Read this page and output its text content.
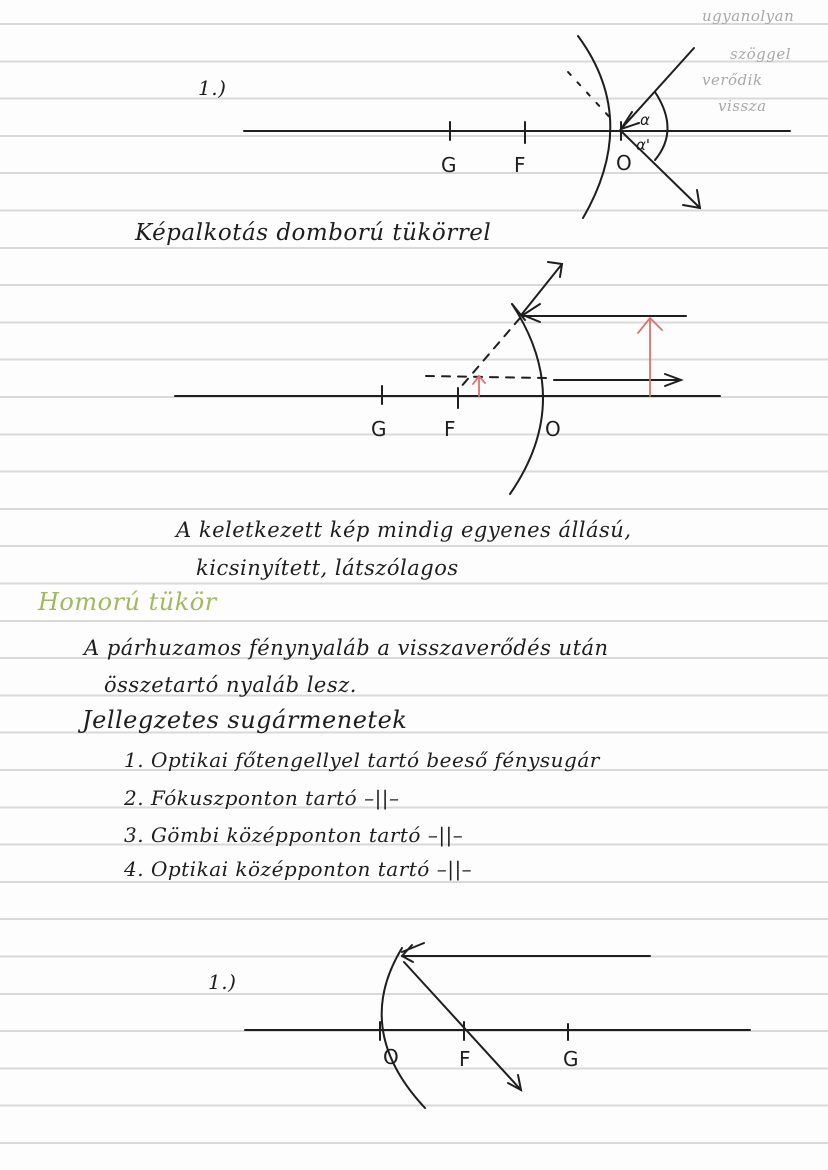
ugyanolyan
szöggel
verődik
vissza
G	F	O
α
α'
1.)
Képalkotás domború tükörrel
G	F	O
A keletkezett kép mindig egyenes állású,
kicsinyített, látszólagos
Homorú tükör
A párhuzamos fénynyaláb a visszaverődés után
összetartó nyaláb lesz.
Jellegzetes sugármenetek
1. Optikai főtengellyel tartó beeső fénysugár
2. Fókuszponton tartó –||–
3. Gömbi középponton tartó –||–
4. Optikai középponton tartó –||–
O	F	G
1.)
